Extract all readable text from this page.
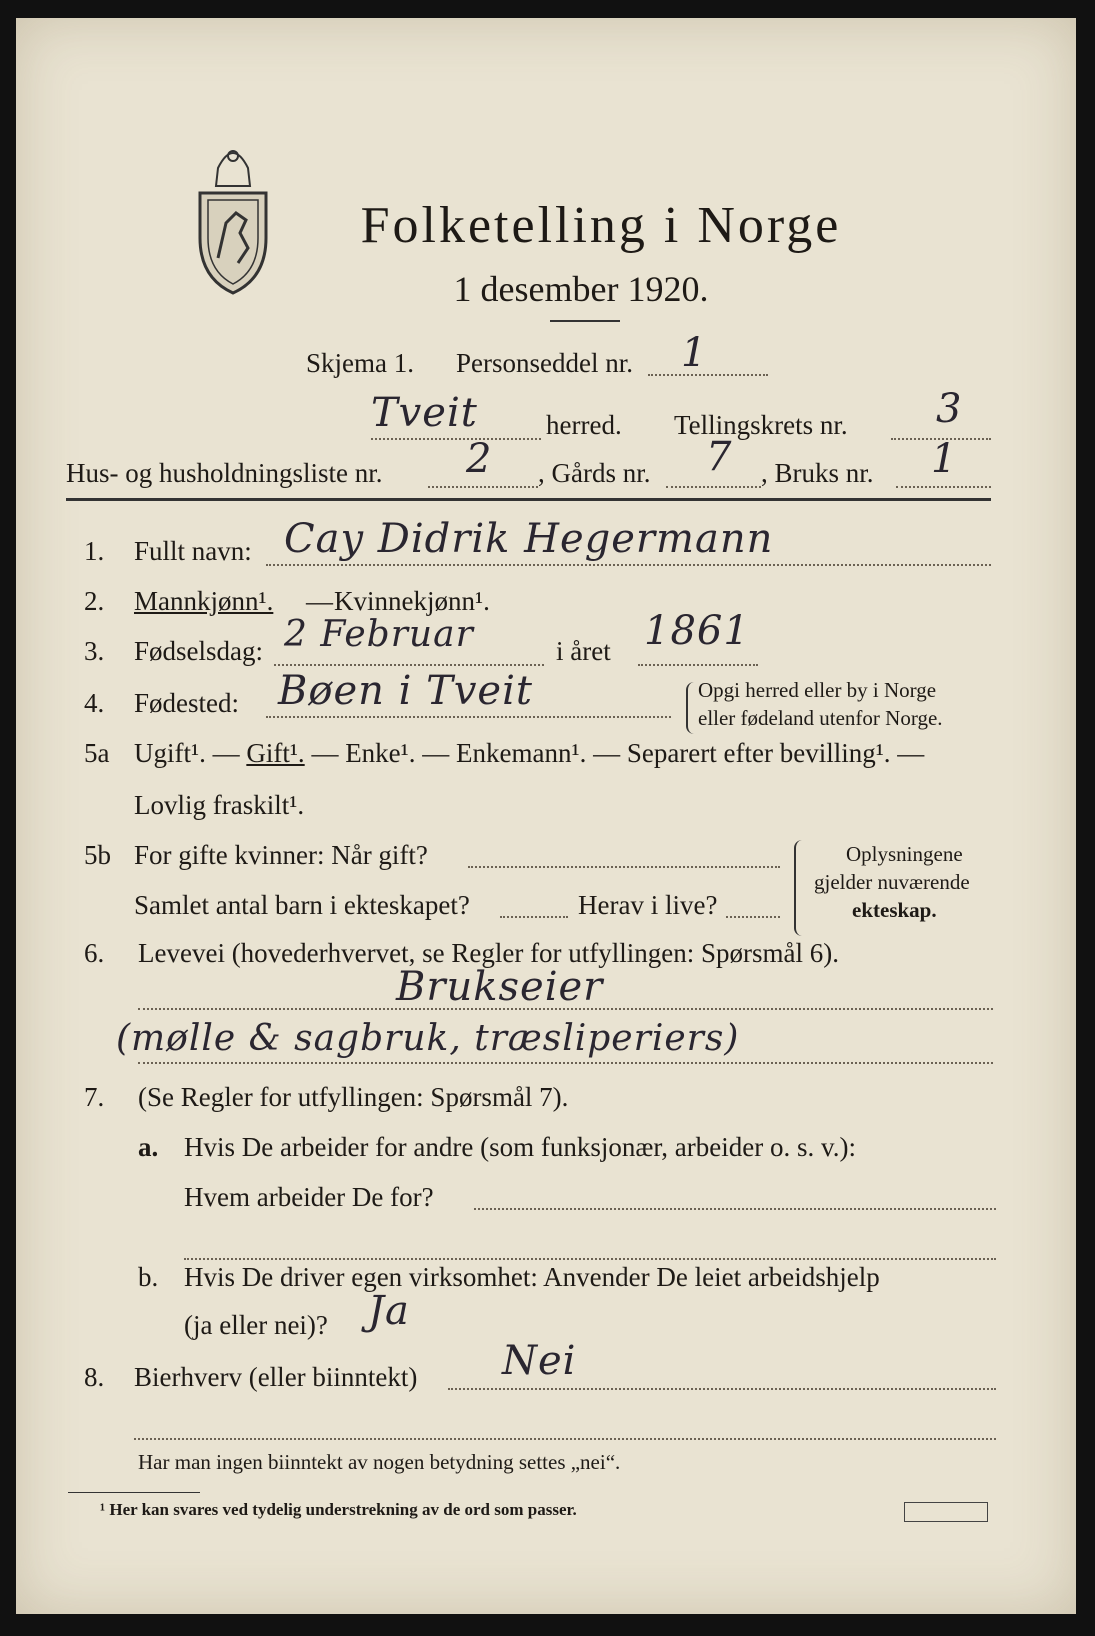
Folketelling i Norge
1 desember 1920.
Skjema 1. Personseddel nr. 1
Tveit	herred. Tellingskrets nr. 3
Hus- og husholdningsliste nr. 2 , Gårds nr. 7 , Bruks nr. 1
1. Fullt navn: Cay Didrik Hegermann
2. Mannkjønn¹. — Kvinnekjønn¹.
3. Fødselsdag: 2 Februar	i året 1861
4. Fødested: Bøen i Tveit	Opgi herred eller by i Norge
eller fødeland utenfor Norge.
5a Ugift¹. — Gift¹. — Enke¹. — Enkemann¹. — Separert efter bevilling¹. —
Lovlig fraskilt¹.
5b For gifte kvinner: Når gift?
Samlet antal barn i ekteskapet?	Herav i live?
Oplysningene
gjelder nuværende
ekteskap.
6. Levevei (hovederhvervet, se Regler for utfyllingen: Spørsmål 6).
Brukseier
(mølle & sagbruk, træsliperiers)
7. (Se Regler for utfyllingen: Spørsmål 7).
a. Hvis De arbeider for andre (som funksjonær, arbeider o. s. v.):
Hvem arbeider De for?
b. Hvis De driver egen virksomhet: Anvender De leiet arbeidshjelp
(ja eller nei)? Ja
8. Bierhverv (eller biinntekt) Nei
Har man ingen biinntekt av nogen betydning settes „nei“.
¹ Her kan svares ved tydelig understrekning av de ord som passer.
